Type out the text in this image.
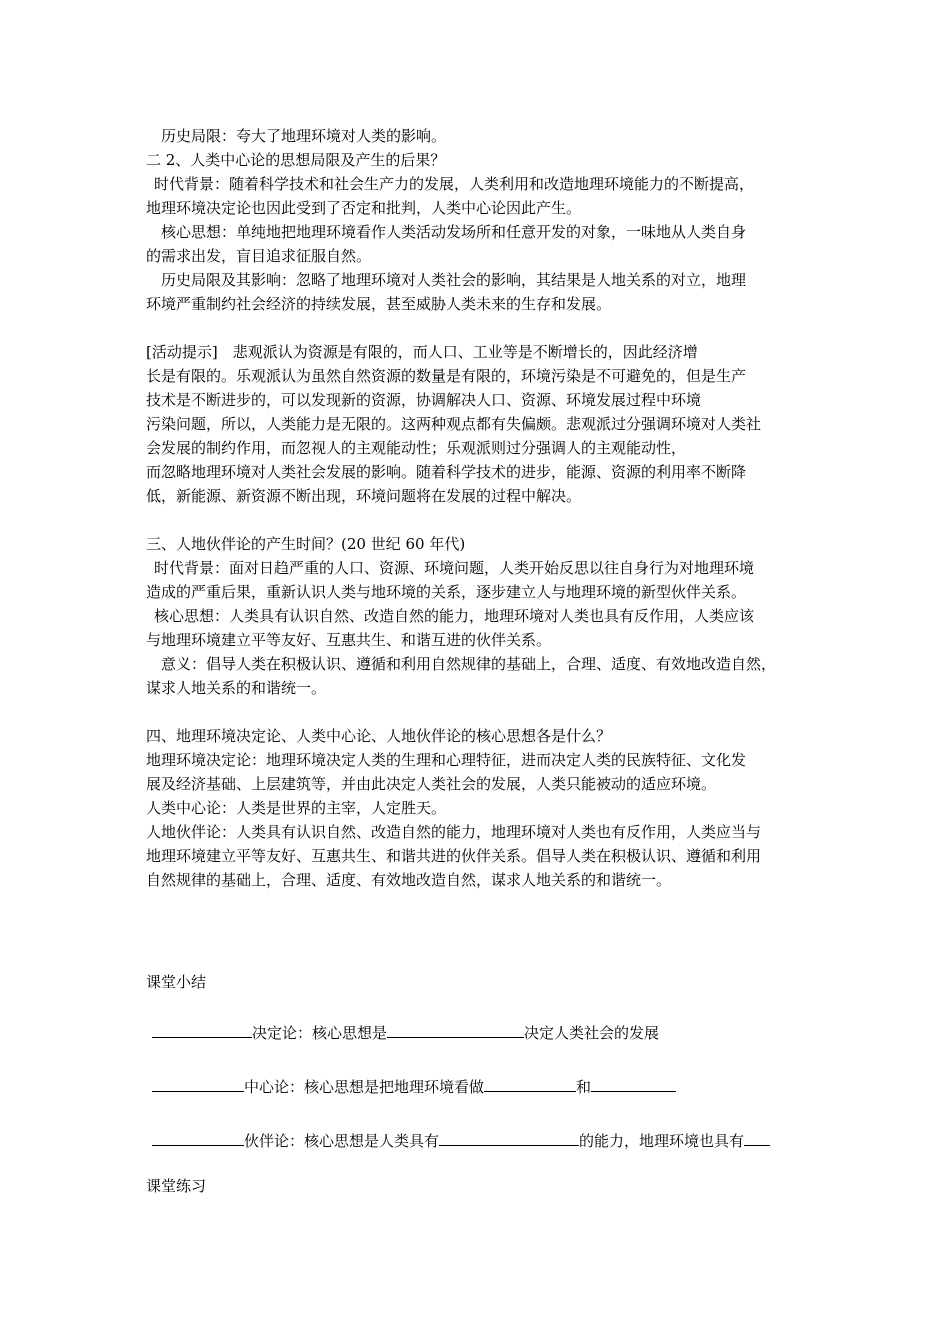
历史局限：夸大了地理环境对人类的影响。
二 2、人类中心论的思想局限及产生的后果？
时代背景：随着科学技术和社会生产力的发展，人类利用和改造地理环境能力的不断提高，
地理环境决定论也因此受到了否定和批判，人类中心论因此产生。
核心思想：单纯地把地理环境看作人类活动发场所和任意开发的对象，一味地从人类自身
的需求出发，盲目追求征服自然。
历史局限及其影响：忽略了地理环境对人类社会的影响，其结果是人地关系的对立，地理
环境严重制约社会经济的持续发展，甚至威胁人类未来的生存和发展。
[活动提示]　悲观派认为资源是有限的，而人口、工业等是不断增长的，因此经济增
长是有限的。乐观派认为虽然自然资源的数量是有限的，环境污染是不可避免的，但是生产
技术是不断进步的，可以发现新的资源，协调解决人口、资源、环境发展过程中环境
污染问题，所以，人类能力是无限的。这两种观点都有失偏颇。悲观派过分强调环境对人类社
会发展的制约作用，而忽视人的主观能动性；乐观派则过分强调人的主观能动性，
而忽略地理环境对人类社会发展的影响。随着科学技术的进步，能源、资源的利用率不断降
低，新能源、新资源不断出现，环境问题将在发展的过程中解决。
三、人地伙伴论的产生时间？(20 世纪 60 年代)
时代背景：面对日趋严重的人口、资源、环境问题，人类开始反思以往自身行为对地理环境
造成的严重后果，重新认识人类与地环境的关系，逐步建立人与地理环境的新型伙伴关系。
核心思想：人类具有认识自然、改造自然的能力，地理环境对人类也具有反作用，人类应该
与地理环境建立平等友好、互惠共生、和谐互进的伙伴关系。
意义：倡导人类在积极认识、遵循和利用自然规律的基础上，合理、适度、有效地改造自然，
谋求人地关系的和谐统一。
四、地理环境决定论、人类中心论、人地伙伴论的核心思想各是什么？
地理环境决定论：地理环境决定人类的生理和心理特征，进而决定人类的民族特征、文化发
展及经济基础、上层建筑等，并由此决定人类社会的发展，人类只能被动的适应环境。
人类中心论：人类是世界的主宰，人定胜天。
人地伙伴论：人类具有认识自然、改造自然的能力，地理环境对人类也有反作用，人类应当与
地理环境建立平等友好、互惠共生、和谐共进的伙伴关系。倡导人类在积极认识、遵循和利用
自然规律的基础上，合理、适度、有效地改造自然，谋求人地关系的和谐统一。
课堂小结
决定论：核心思想是	决定人类社会的发展
中心论：核心思想是把地理环境看做	和
伙伴论：核心思想是人类具有	的能力，地理环境也具有
课堂练习
